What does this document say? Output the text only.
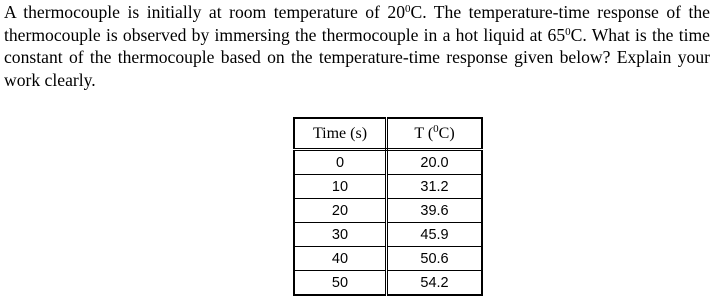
A thermocouple is initially at room temperature of $20^0C$. The temperature-time response of the
thermocouple is observed by immersing the thermocouple in a hot liquid at $65^0C$. What is the time
constant of the thermocouple based on the temperature-time response given below? Explain your
work clearly.
Time (s)	T ($^0$C)
0	20.0
10	31.2
20	39.6
30	45.9
40	50.6
50	54.2
